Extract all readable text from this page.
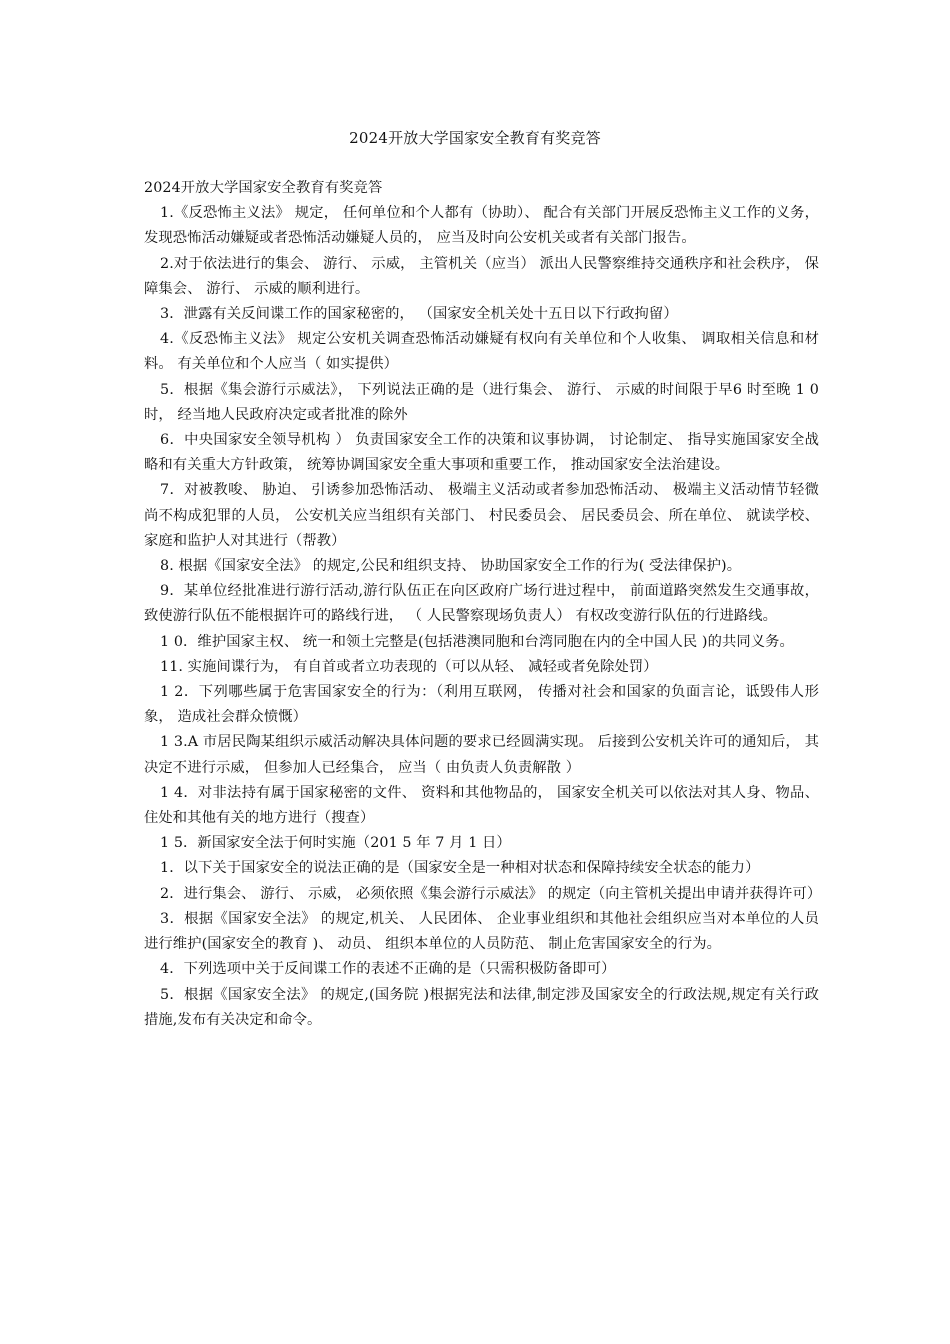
2024开放大学国家安全教育有奖竞答

2024开放大学国家安全教育有奖竞答

1.《反恐怖主义法》 规定， 任何单位和个人都有（协助）、 配合有关部门开展反恐怖主义工作的义务， 发现恐怖活动嫌疑或者恐怖活动嫌疑人员的， 应当及时向公安机关或者有关部门报告。

2.对于依法进行的集会、 游行、 示威， 主管机关（应当） 派出人民警察维持交通秩序和社会秩序， 保障集会、 游行、 示威的顺利进行。

3．泄露有关反间谍工作的国家秘密的， （国家安全机关处十五日以下行政拘留）

4.《反恐怖主义法》 规定公安机关调查恐怖活动嫌疑有权向有关单位和个人收集、 调取相关信息和材料。 有关单位和个人应当（ 如实提供）

5．根据《集会游行示威法》， 下列说法正确的是（进行集会、 游行、 示威的时间限于早6 时至晚 1 0 时， 经当地人民政府决定或者批准的除外

6．中央国家安全领导机构 ） 负责国家安全工作的决策和议事协调， 讨论制定、 指导实施国家安全战略和有关重大方针政策， 统筹协调国家安全重大事项和重要工作， 推动国家安全法治建设。

7．对被教唆、 胁迫、 引诱参加恐怖活动、 极端主义活动或者参加恐怖活动、 极端主义活动情节轻微尚不构成犯罪的人员， 公安机关应当组织有关部门、 村民委员会、 居民委员会、所在单位、 就读学校、 家庭和监护人对其进行（帮教）

8. 根据《国家安全法》 的规定,公民和组织支持、 协助国家安全工作的行为( 受法律保护)。

9．某单位经批准进行游行活动,游行队伍正在向区政府广场行进过程中， 前面道路突然发生交通事故， 致使游行队伍不能根据许可的路线行进， （ 人民警察现场负责人） 有权改变游行队伍的行进路线。

1 0．维护国家主权、 统一和领土完整是(包括港澳同胞和台湾同胞在内的全中国人民 )的共同义务。

11. 实施间谍行为， 有自首或者立功表现的（可以从轻、 减轻或者免除处罚）

1 2．下列哪些属于危害国家安全的行为：（利用互联网， 传播对社会和国家的负面言论，诋毁伟人形象， 造成社会群众愤慨）

1 3.A 市居民陶某组织示威活动解决具体问题的要求已经圆满实现。 后接到公安机关许可的通知后， 其决定不进行示威， 但参加人已经集合， 应当（ 由负责人负责解散 ）

1 4．对非法持有属于国家秘密的文件、 资料和其他物品的， 国家安全机关可以依法对其人身、物品、 住处和其他有关的地方进行（搜查）

1 5．新国家安全法于何时实施（201 5 年 7 月 1 日）

1．以下关于国家安全的说法正确的是（国家安全是一种相对状态和保障持续安全状态的能力）

2．进行集会、 游行、 示威， 必须依照《集会游行示威法》 的规定（向主管机关提出申请并获得许可）

3．根据《国家安全法》 的规定,机关、 人民团体、 企业事业组织和其他社会组织应当对本单位的人员进行维护(国家安全的教育 )、 动员、 组织本单位的人员防范、 制止危害国家安全的行为。

4．下列选项中关于反间谍工作的表述不正确的是（只需积极防备即可）

5．根据《国家安全法》 的规定,(国务院 )根据宪法和法律,制定涉及国家安全的行政法规,规定有关行政措施,发布有关决定和命令。
